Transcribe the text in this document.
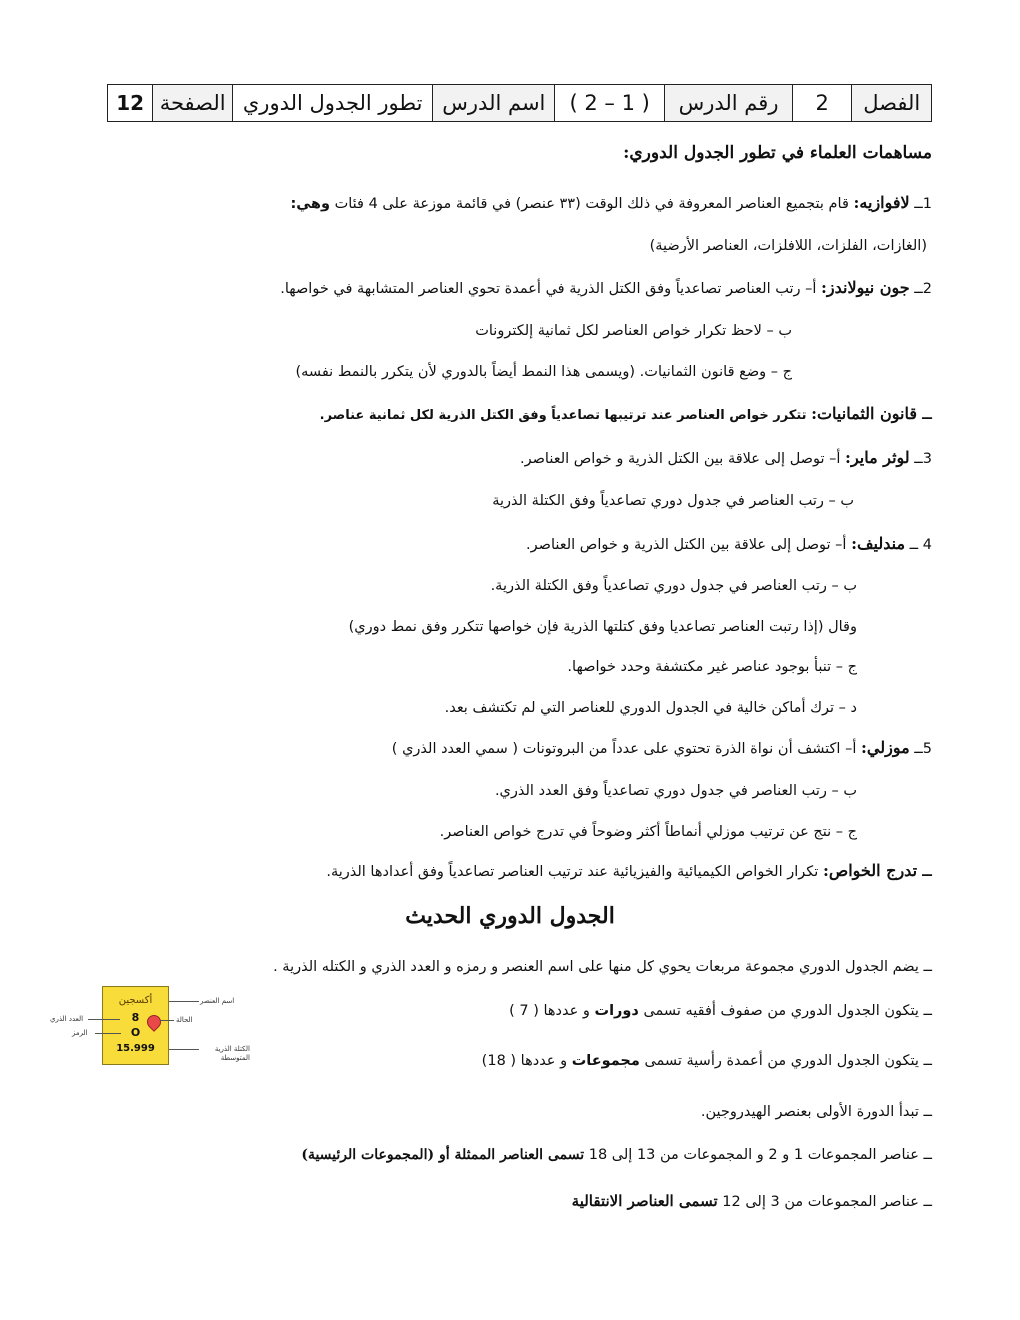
الفصل	2	رقم الدرس	( 1 – 2 )	اسم الدرس	تطور الجدول الدوري	الصفحة	12
مساهمات العلماء في تطور الجدول الدوري:
1ــ لافوازيه: قام بتجميع العناصر المعروفة في ذلك الوقت (٣٣ عنصر) في قائمة موزعة على 4 فئات وهي:
(الغازات، الفلزات، اللافلزات، العناصر الأرضية)
2ــ جون نيولاندز: أ– رتب العناصر تصاعدياً وفق الكتل الذرية في أعمدة تحوي العناصر المتشابهة في خواصها.
ب – لاحظ تكرار خواص العناصر لكل ثمانية إلكترونات
ج – وضع قانون الثمانيات. (ويسمى هذا النمط أيضاً بالدوري لأن يتكرر بالنمط نفسه)
ــ قانون الثمانيات: تتكرر خواص العناصر عند ترتيبها تصاعدياً وفق الكتل الذرية لكل ثمانية عناصر.
3ــ لوثر ماير: أ– توصل إلى علاقة بين الكتل الذرية و خواص العناصر.
ب – رتب العناصر في جدول دوري تصاعدياً وفق الكتلة الذرية
4 ــ مندليف: أ– توصل إلى علاقة بين الكتل الذرية و خواص العناصر.
ب – رتب العناصر في جدول دوري تصاعدياً وفق الكتلة الذرية.
وقال (إذا رتبت العناصر تصاعديا وفق كتلتها الذرية فإن خواصها تتكرر وفق نمط دوري)
ج – تنبأ بوجود عناصر غير مكتشفة وحدد خواصها.
د – ترك أماكن خالية في الجدول الدوري للعناصر التي لم تكتشف بعد.
5ــ موزلي: أ– اكتشف أن نواة الذرة تحتوي على عدداً من البروتونات ( سمي العدد الذري )
ب – رتب العناصر في جدول دوري تصاعدياً وفق العدد الذري.
ج – نتج عن ترتيب موزلي أنماطاً أكثر وضوحاً في تدرج خواص العناصر.
ــ تدرج الخواص: تكرار الخواص الكيميائية والفيزيائية عند ترتيب العناصر تصاعدياً وفق أعدادها الذرية.
الجدول الدوري الحديث
ــ يضم الجدول الدوري مجموعة مربعات يحوي كل منها على اسم العنصر و رمزه و العدد الذري و الكتله الذرية .
ــ يتكون الجدول الدوري من صفوف أفقيه تسمى دورات و عددها ( 7 )
ــ يتكون الجدول الدوري من أعمدة رأسية تسمى مجموعات و عددها ( 18)
ــ تبدأ الدورة الأولى بعنصر الهيدروجين.
ــ عناصر المجموعات 1 و 2 و المجموعات من 13 إلى 18 تسمى العناصر الممثلة أو (المجموعات الرئيسية)
ــ عناصر المجموعات من 3 إلى 12 تسمى العناصر الانتقالية
أكسجين
8
O
15.999
اسم العنصر
الحالة
الكتلة الذرية المتوسطة
العدد الذري
الرمز
